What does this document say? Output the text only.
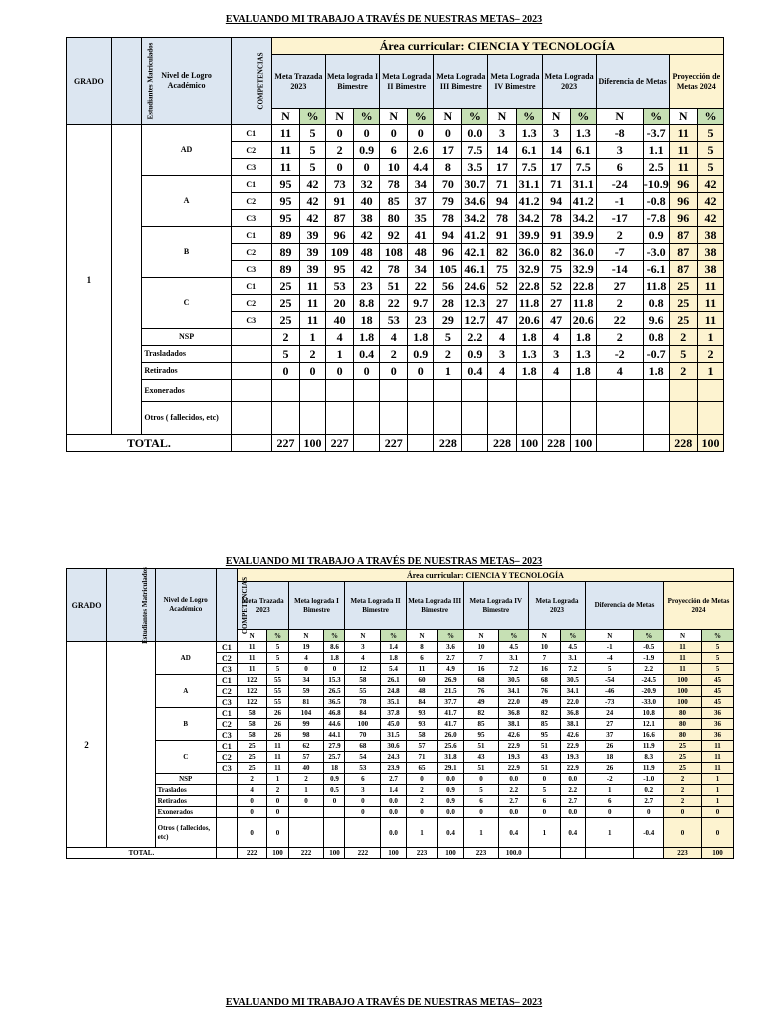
EVALUANDO MI TRABAJO A TRAVÉS DE NUESTRAS METAS– 2023
EVALUANDO MI TRABAJO A TRAVÉS DE NUESTRAS METAS– 2023
EVALUANDO MI TRABAJO A TRAVÉS DE NUESTRAS METAS– 2023
GRADO	Estudiantes Matriculados	Nivel de Logro Académico	COMPETENCIAS	Área curricular: CIENCIA Y TECNOLOGÍA															
				Meta Trazada 2023		Meta lograda I Bimestre		Meta Lograda II Bimestre		Meta Lograda III Bimestre		Meta Lograda IV Bimestre		Meta Lograda 2023		Diferencia de Metas		Proyección de Metas 2024	
				N	%	N	%	N	%	N	%	N	%	N	%	N	%	N	%
1		AD	C1	11	5	0	0	0	0	0	0.0	3	1.3	3	1.3	-8	-3.7	11	5
			C2	11	5	2	0.9	6	2.6	17	7.5	14	6.1	14	6.1	3	1.1	11	5
			C3	11	5	0	0	10	4.4	8	3.5	17	7.5	17	7.5	6	2.5	11	5
		A	C1	95	42	73	32	78	34	70	30.7	71	31.1	71	31.1	-24	-10.9	96	42
			C2	95	42	91	40	85	37	79	34.6	94	41.2	94	41.2	-1	-0.8	96	42
			C3	95	42	87	38	80	35	78	34.2	78	34.2	78	34.2	-17	-7.8	96	42
		B	C1	89	39	96	42	92	41	94	41.2	91	39.9	91	39.9	2	0.9	87	38
			C2	89	39	109	48	108	48	96	42.1	82	36.0	82	36.0	-7	-3.0	87	38
			C3	89	39	95	42	78	34	105	46.1	75	32.9	75	32.9	-14	-6.1	87	38
		C	C1	25	11	53	23	51	22	56	24.6	52	22.8	52	22.8	27	11.8	25	11
			C2	25	11	20	8.8	22	9.7	28	12.3	27	11.8	27	11.8	2	0.8	25	11
			C3	25	11	40	18	53	23	29	12.7	47	20.6	47	20.6	22	9.6	25	11
		NSP		2	1	4	1.8	4	1.8	5	2.2	4	1.8	4	1.8	2	0.8	2	1
		Trasladados		5	2	1	0.4	2	0.9	2	0.9	3	1.3	3	1.3	-2	-0.7	5	2
		Retirados		0	0	0	0	0	0	1	0.4	4	1.8	4	1.8	4	1.8	2	1
		Exonerados																	
		Otros ( fallecidos, etc)																	
TOTAL.				227	100	227		227		228		228	100	228	100			228	100
GRADO	Estudiantes Matriculados	Nivel de Logro Académico	COMPETENCIAS	Área curricular: CIENCIA Y TECNOLOGÍA															
				Meta Trazada 2023		Meta lograda I Bimestre		Meta Lograda II Bimestre		Meta Lograda III Bimestre		Meta Lograda IV Bimestre		Meta Lograda 2023		Diferencia de Metas		Proyección de Metas 2024	
				N	%	N	%	N	%	N	%	N	%	N	%	N	%	N	%
2		AD	C1	11	5	19	8.6	3	1.4	8	3.6	10	4.5	10	4.5	-1	-0.5	11	5
			C2	11	5	4	1.8	4	1.8	6	2.7	7	3.1	7	3.1	-4	-1.9	11	5
			C3	11	5	0	0	12	5.4	11	4.9	16	7.2	16	7.2	5	2.2	11	5
		A	C1	122	55	34	15.3	58	26.1	60	26.9	68	30.5	68	30.5	-54	-24.5	100	45
			C2	122	55	59	26.5	55	24.8	48	21.5	76	34.1	76	34.1	-46	-20.9	100	45
			C3	122	55	81	36.5	78	35.1	84	37.7	49	22.0	49	22.0	-73	-33.0	100	45
		B	C1	58	26	104	46.8	84	37.8	93	41.7	82	36.8	82	36.8	24	10.8	80	36
			C2	58	26	99	44.6	100	45.0	93	41.7	85	38.1	85	38.1	27	12.1	80	36
			C3	58	26	98	44.1	70	31.5	58	26.0	95	42.6	95	42.6	37	16.6	80	36
		C	C1	25	11	62	27.9	68	30.6	57	25.6	51	22.9	51	22.9	26	11.9	25	11
			C2	25	11	57	25.7	54	24.3	71	31.8	43	19.3	43	19.3	18	8.3	25	11
			C3	25	11	40	18	53	23.9	65	29.1	51	22.9	51	22.9	26	11.9	25	11
		NSP		2	1	2	0.9	6	2.7	0	0.0	0	0.0	0	0.0	-2	-1.0	2	1
		Traslados		4	2	1	0.5	3	1.4	2	0.9	5	2.2	5	2.2	1	0.2	2	1
		Retirados		0	0	0	0	0	0.0	2	0.9	6	2.7	6	2.7	6	2.7	2	1
		Exonerados		0	0			0	0.0	0	0.0	0	0.0	0	0.0	0	0	0	0
		Otros ( fallecidos, etc)		0	0				0.0	1	0.4	1	0.4	1	0.4	1	-0.4	0	0
TOTAL.				222	100	222	100	222	100	223	100	223	100.0					223	100
